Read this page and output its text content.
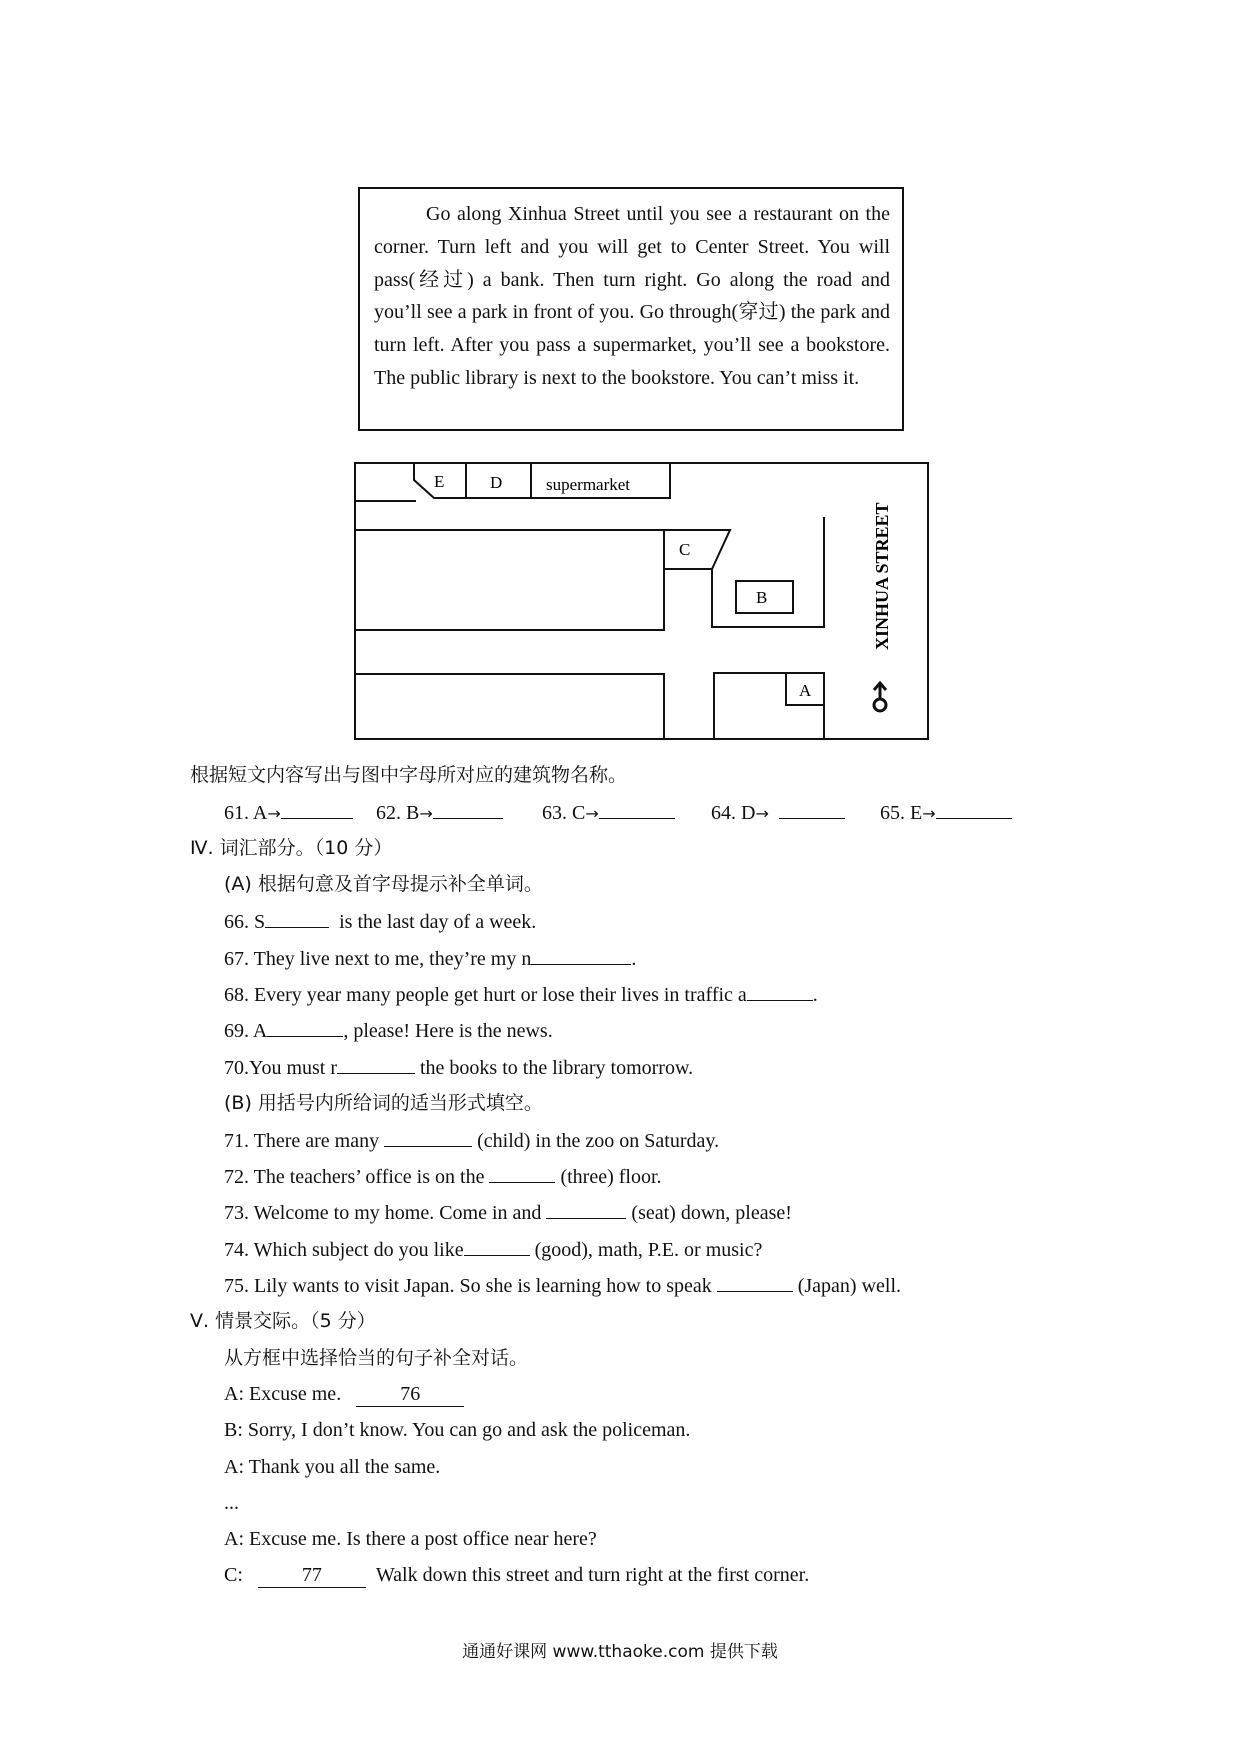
Go along Xinhua Street until you see a restaurant on the corner. Turn left and you will get to Center Street. You will pass(经过) a bank. Then turn right. Go along the road and you’ll see a park in front of you. Go through(穿过) the park and turn left. After you pass a supermarket, you’ll see a bookstore. The public library is next to the bookstore. You can’t miss it.

E	D	supermarket
C
B
A
XINHUA STREET
根据短文内容写出与图中字母所对应的建筑物名称。
61. A→	62. B→	63. C→	64. D→	65. E→
Ⅳ. 词汇部分。（10 分）
(A) 根据句意及首字母提示补全单词。
66. S	is the last day of a week.
67. They live next to me, they’re my n	.
68. Every year many people get hurt or lose their lives in traffic a	.
69. A	, please! Here is the news.
70.You must r	the books to the library tomorrow.
(B) 用括号内所给词的适当形式填空。
71. There are many	(child) in the zoo on Saturday.
72. The teachers’ office is on the	(three) floor.
73. Welcome to my home. Come in and	(seat) down, please!
74. Which subject do you like	(good), math, P.E. or music?
75. Lily wants to visit Japan. So she is learning how to speak	(Japan) well.
Ⅴ. 情景交际。（5 分）
从方框中选择恰当的句子补全对话。
A: Excuse me.	76
B: Sorry, I don’t know. You can go and ask the policeman.
A: Thank you all the same.
...
A: Excuse me. Is there a post office near here?
C:	77	Walk down this street and turn right at the first corner.
通通好课网 www.tthaoke.com 提供下载
